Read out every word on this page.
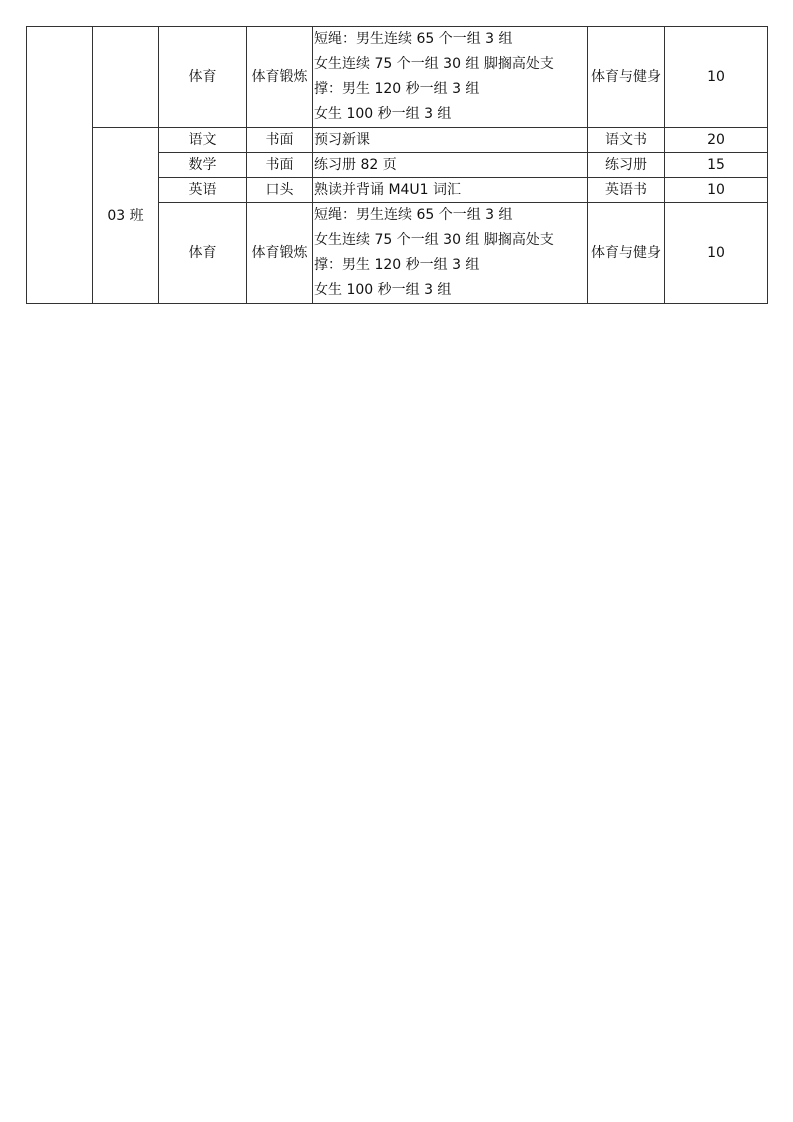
		体育	体育锻炼	短绳：男生连续 65 个一组 3 组
女生连续 75 个一组 30 组 脚搁高处支
撑：男生 120 秒一组 3 组
女生 100 秒一组 3 组	体育与健身	10
	03 班	语文	书面	预习新课	语文书	20
		数学	书面	练习册 82 页	练习册	15
		英语	口头	熟读并背诵 M4U1 词汇	英语书	10
		体育	体育锻炼	短绳：男生连续 65 个一组 3 组
女生连续 75 个一组 30 组 脚搁高处支
撑：男生 120 秒一组 3 组
女生 100 秒一组 3 组	体育与健身	10
